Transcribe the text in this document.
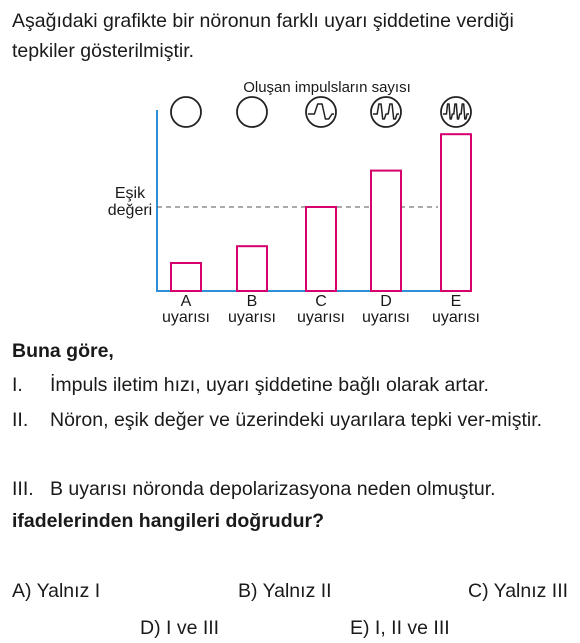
Aşağıdaki grafikte bir nöronun farklı uyarı şiddetine verdiği tepkiler gösterilmiştir.
Oluşan impulsların sayısı
Eşik
değeri
A
uyarısı
B
uyarısı
C
uyarısı
D
uyarısı
E
uyarısı
Buna göre,
I. İmpuls iletim hızı, uyarı şiddetine bağlı olarak artar.
II. Nöron, eşik değer ve üzerindeki uyarılara tepki ver-miştir.
III. B uyarısı nöronda depolarizasyona neden olmuştur.
ifadelerinden hangileri doğrudur?
A) Yalnız I	B) Yalnız II	C) Yalnız III
D) I ve III	E) I, II ve III
